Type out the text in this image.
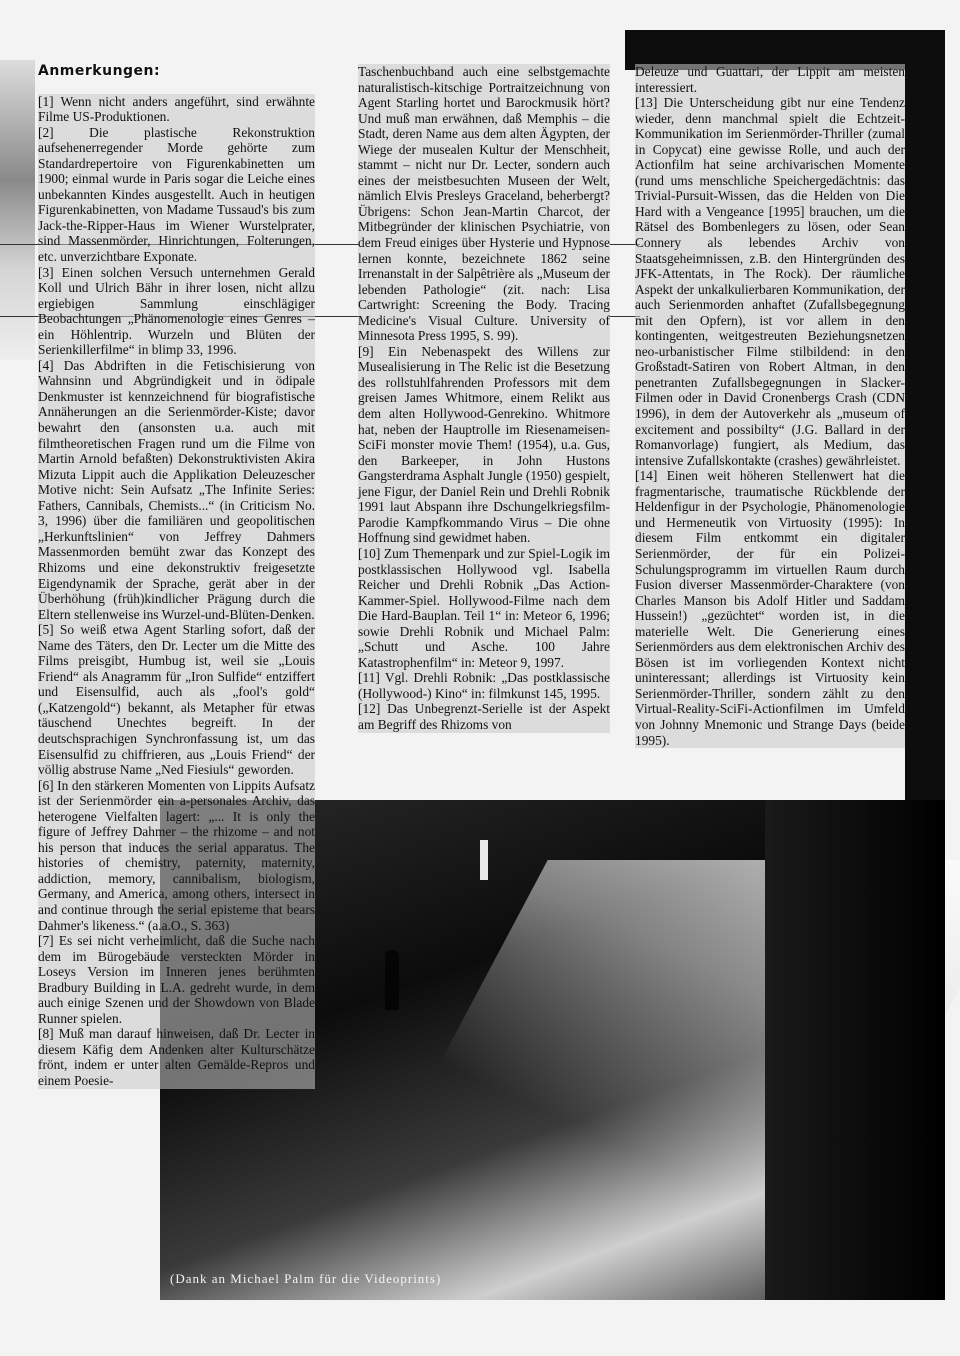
Anmerkungen:

[1] Wenn nicht anders angeführt, sind erwähnte Filme US-Produktionen.

[2] Die plastische Rekonstruktion aufsehenerregender Morde gehörte zum Standardrepertoire von Figurenkabinetten um 1900; einmal wurde in Paris sogar die Leiche eines unbekannten Kindes ausgestellt. Auch in heutigen Figurenkabinetten, von Madame Tussaud's bis zum Jack-the-Ripper-Haus im Wiener Wurstelprater, sind Massenmörder, Hinrichtungen, Folterungen, etc. unverzichtbare Exponate.

[3] Einen solchen Versuch unternehmen Gerald Koll und Ulrich Bähr in ihrer losen, nicht allzu ergiebigen Sammlung einschlägiger Beobachtungen „Phänomenologie eines Genres – ein Höhlentrip. Wurzeln und Blüten der Serienkillerfilme“ in blimp 33, 1996.

[4] Das Abdriften in die Fetischisierung von Wahnsinn und Abgründigkeit und in ödipale Denkmuster ist kennzeichnend für biografistische Annäherungen an die Serienmörder-Kiste; davor bewahrt den (ansonsten u.a. auch mit filmtheoretischen Fragen rund um die Filme von Martin Arnold befaßten) Dekonstruktivisten Akira Mizuta Lippit auch die Applikation Deleuzescher Motive nicht: Sein Aufsatz „The Infinite Series: Fathers, Cannibals, Chemists...“ (in Criticism No. 3, 1996) über die familiären und geopolitischen „Herkunftslinien“ von Jeffrey Dahmers Massenmorden bemüht zwar das Konzept des Rhizoms und eine dekonstruktiv freigesetzte Eigendynamik der Sprache, gerät aber in der Überhöhung (früh)kindlicher Prägung durch die Eltern stellenweise ins Wurzel-und-Blüten-Denken.

[5] So weiß etwa Agent Starling sofort, daß der Name des Täters, den Dr. Lecter um die Mitte des Films preisgibt, Humbug ist, weil sie „Louis Friend“ als Anagramm für „Iron Sulfide“ entziffert und Eisensulfid, auch als „fool's gold“ („Katzengold“) bekannt, als Metapher für etwas täuschend Unechtes begreift. In der deutschsprachigen Synchronfassung ist, um das Eisensulfid zu chiffrieren, aus „Louis Friend“ der völlig abstruse Name „Ned Fiesiuls“ geworden.

[6] In den stärkeren Momenten von Lippits Aufsatz ist der Serienmörder ein a-personales Archiv, das heterogene Vielfalten lagert: „... It is only the figure of Jeffrey Dahmer – the rhizome – and not his person that induces the serial apparatus. The histories of chemistry, paternity, maternity, addiction, memory, cannibalism, biologism, Germany, and America, among others, intersect in and continue through the serial episteme that bears Dahmer's likeness.“ (a.a.O., S. 363)

[7] Es sei nicht verheimlicht, daß die Suche nach dem im Bürogebäude versteckten Mörder in Loseys Version im Inneren jenes berühmten Bradbury Building in L.A. gedreht wurde, in dem auch einige Szenen und der Showdown von Blade Runner spielen.

[8] Muß man darauf hinweisen, daß Dr. Lecter in diesem Käfig dem Andenken alter Kulturschätze frönt, indem er unter alten Gemälde-Repros und einem Poesie-

Taschenbuchband auch eine selbstgemachte naturalistisch-kitschige Portraitzeichnung von Agent Starling hortet und Barockmusik hört? Und muß man erwähnen, daß Memphis – die Stadt, deren Name aus dem alten Ägypten, der Wiege der musealen Kultur der Menschheit, stammt – nicht nur Dr. Lecter, sondern auch eines der meistbesuchten Museen der Welt, nämlich Elvis Presleys Graceland, beherbergt? Übrigens: Schon Jean-Martin Charcot, der Mitbegründer der klinischen Psychiatrie, von dem Freud einiges über Hysterie und Hypnose lernen konnte, bezeichnete 1862 seine Irrenanstalt in der Salpêtrière als „Museum der lebenden Pathologie“ (zit. nach: Lisa Cartwright: Screening the Body. Tracing Medicine's Visual Culture. University of Minnesota Press 1995, S. 99).

[9] Ein Nebenaspekt des Willens zur Musealisierung in The Relic ist die Besetzung des rollstuhlfahrenden Professors mit dem greisen James Whitmore, einem Relikt aus dem alten Hollywood-Genrekino. Whitmore hat, neben der Hauptrolle im Riesenameisen-SciFi monster movie Them! (1954), u.a. Gus, den Barkeeper, in John Hustons Gangsterdrama Asphalt Jungle (1950) gespielt, jene Figur, der Daniel Rein und Drehli Robnik 1991 laut Abspann ihre Dschungelkriegsfilm-Parodie Kampfkommando Virus – Die ohne Hoffnung sind gewidmet haben.

[10] Zum Themenpark und zur Spiel-Logik im postklassischen Hollywood vgl. Isabella Reicher und Drehli Robnik „Das Action-Kammer-Spiel. Hollywood-Filme nach dem Die Hard-Bauplan. Teil 1“ in: Meteor 6, 1996; sowie Drehli Robnik und Michael Palm: „Schutt und Asche. 100 Jahre Katastrophenfilm“ in: Meteor 9, 1997.

[11] Vgl. Drehli Robnik: „Das postklassische (Hollywood-) Kino“ in: filmkunst 145, 1995.

[12] Das Unbegrenzt-Serielle ist der Aspekt am Begriff des Rhizoms von

Deleuze und Guattari, der Lippit am meisten interessiert.

[13] Die Unterscheidung gibt nur eine Tendenz wieder, denn manchmal spielt die Echtzeit-Kommunikation im Serienmörder-Thriller (zumal in Copycat) eine gewisse Rolle, und auch der Actionfilm hat seine archivarischen Momente (rund ums menschliche Speichergedächtnis: das Trivial-Pursuit-Wissen, das die Helden von Die Hard with a Vengeance [1995] brauchen, um die Rätsel des Bombenlegers zu lösen, oder Sean Connery als lebendes Archiv von Staatsgeheimnissen, z.B. den Hintergründen des JFK-Attentats, in The Rock). Der räumliche Aspekt der unkalkulierbaren Kommunikation, der auch Serienmorden anhaftet (Zufallsbegegnung mit den Opfern), ist vor allem in den kontingenten, weitgestreuten Beziehungsnetzen neo-urbanistischer Filme stilbildend: in den Großstadt-Satiren von Robert Altman, in den penetranten Zufallsbegegnungen in Slacker-Filmen oder in David Cronenbergs Crash (CDN 1996), in dem der Autoverkehr als „museum of excitement and possibilty“ (J.G. Ballard in der Romanvorlage) fungiert, als Medium, das intensive Zufallskontakte (crashes) gewährleistet.

[14] Einen weit höheren Stellenwert hat die fragmentarische, traumatische Rückblende der Heldenfigur in der Psychologie, Phänomenologie und Hermeneutik von Virtuosity (1995): In diesem Film entkommt ein digitaler Serienmörder, der für ein Polizei-Schulungsprogramm im virtuellen Raum durch Fusion diverser Massenmörder-Charaktere (von Charles Manson bis Adolf Hitler und Saddam Hussein!) „gezüchtet“ worden ist, in die materielle Welt. Die Generierung eines Serienmörders aus dem elektronischen Archiv des Bösen ist im vorliegenden Kontext nicht uninteressant; allerdings ist Virtuosity kein Serienmörder-Thriller, sondern zählt zu den Virtual-Reality-SciFi-Actionfilmen im Umfeld von Johnny Mnemonic und Strange Days (beide 1995).

(Dank an Michael Palm für die Videoprints)
